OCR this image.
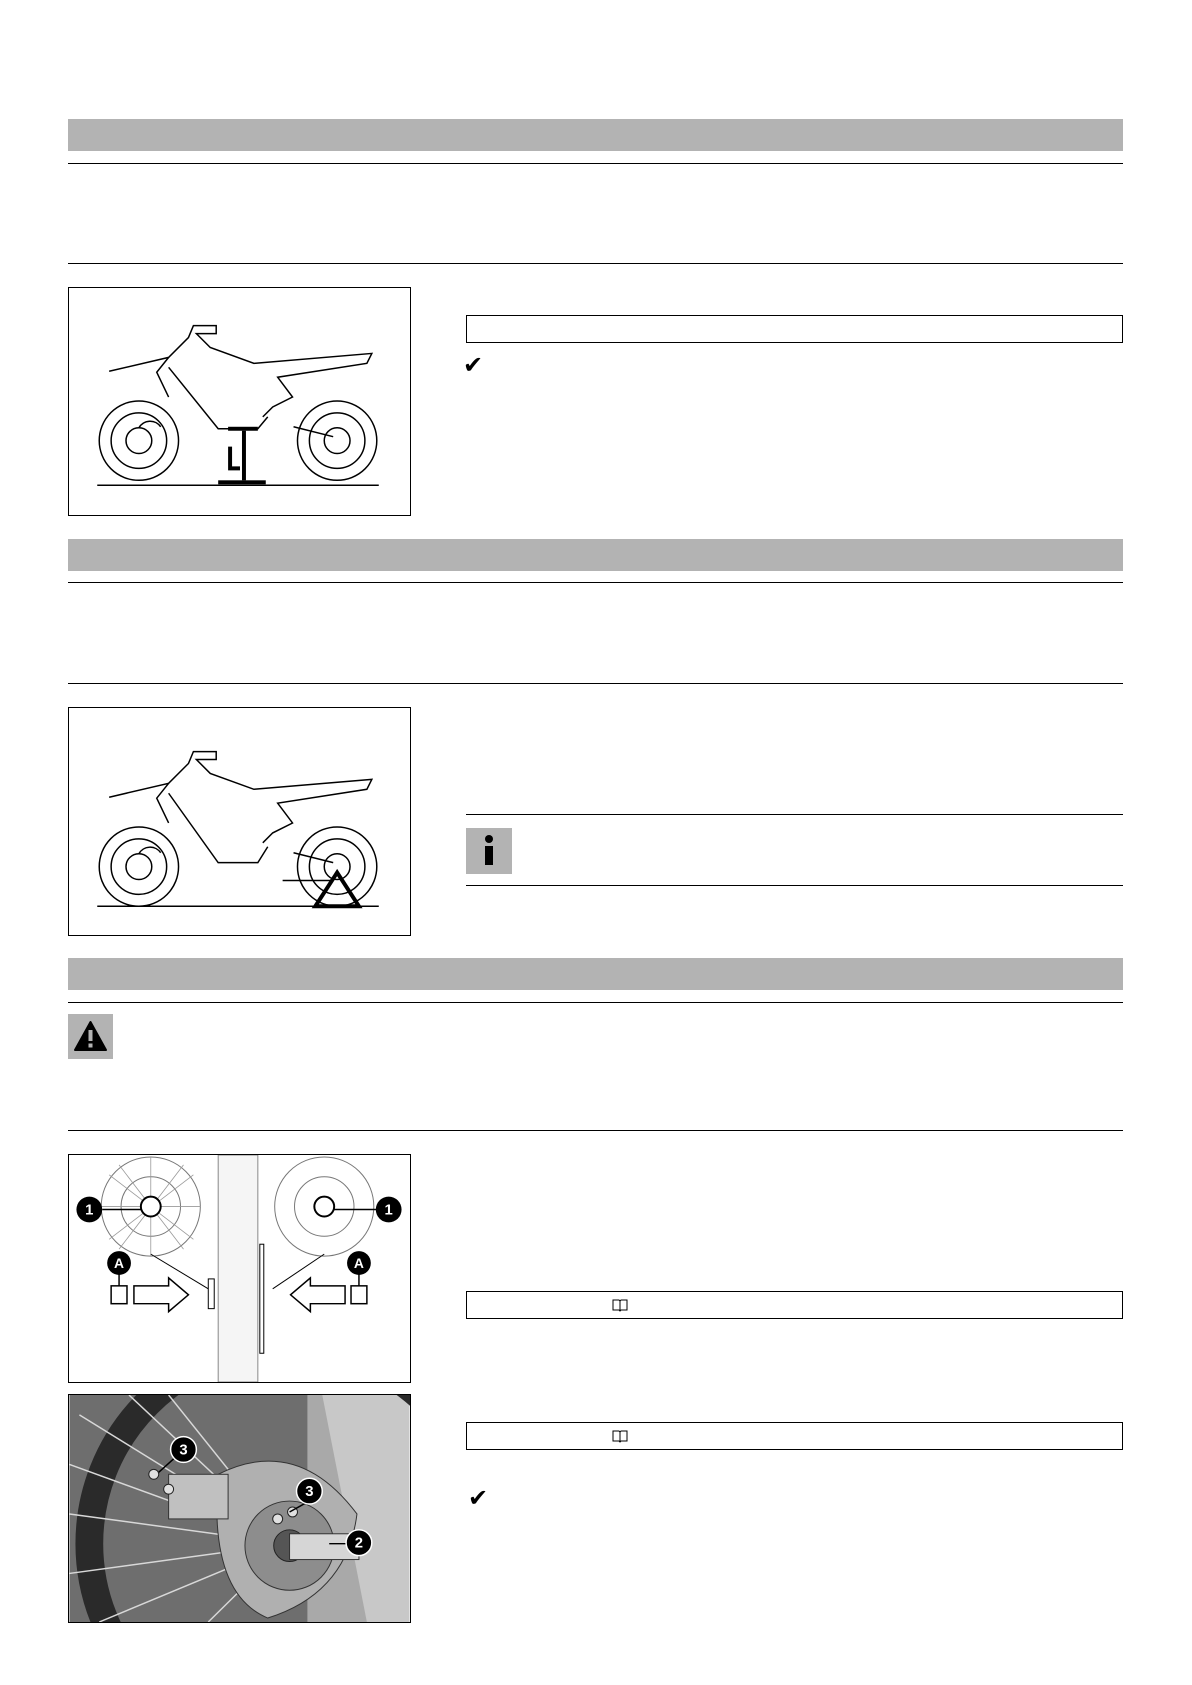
✔
1	1
A	A
3
3
2
✔
